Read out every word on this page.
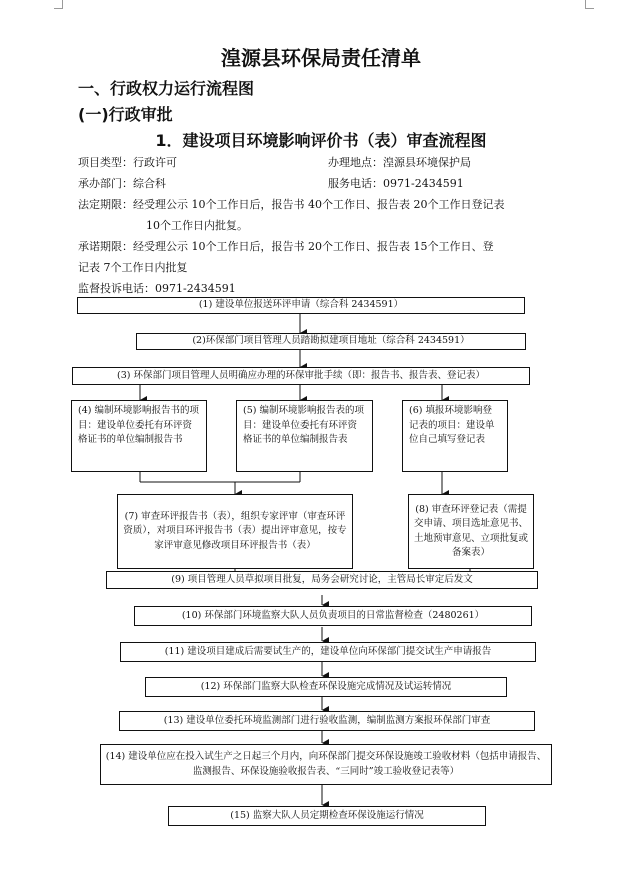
湟源县环保局责任清单
一、行政权力运行流程图
(一)行政审批
1．建设项目环境影响评价书（表）审查流程图
项目类型：行政许可	办理地点：湟源县环境保护局
承办部门：综合科	服务电话：0971-2434591
法定期限：经受理公示 10个工作日后，报告书 40个工作日、报告表 20个工作日登记表
10个工作日内批复。
承诺期限：经受理公示 10个工作日后，报告书 20个工作日、报告表 15个工作日、登
记表 7个工作日内批复
监督投诉电话：0971-2434591
(1) 建设单位报送环评申请（综合科 2434591）
(2)环保部门项目管理人员踏勘拟建项目地址（综合科 2434591）
(3) 环保部门项目管理人员明确应办理的环保审批手续（即：报告书、报告表、登记表）
(4) 编制环境影响报告书的项目：建设单位委托有环评资格证书的单位编制报告书
(5) 编制环境影响报告表的项目：建设单位委托有环评资格证书的单位编制报告表
(6) 填报环境影响登记表的项目：建设单位自己填写登记表
(7) 审查环评报告书（表），组织专家评审（审查环评资质），对项目环评报告书（表）提出评审意见，按专家评审意见修改项目环评报告书（表）
(8) 审查环评登记表（需提交申请、项目选址意见书、土地预审意见、立项批复或备案表）
(9) 项目管理人员草拟项目批复，局务会研究讨论，主管局长审定后发文
(10) 环保部门环境监察大队人员负责项目的日常监督检查（2480261）
(11) 建设项目建成后需要试生产的，建设单位向环保部门提交试生产申请报告
(12) 环保部门监察大队检查环保设施完成情况及试运转情况
(13) 建设单位委托环境监测部门进行验收监测，编制监测方案报环保部门审查
(14) 建设单位应在投入试生产之日起三个月内，向环保部门提交环保设施竣工验收材料（包括申请报告、监测报告、环保设施验收报告表、“三同时”竣工验收登记表等）
(15) 监察大队人员定期检查环保设施运行情况
